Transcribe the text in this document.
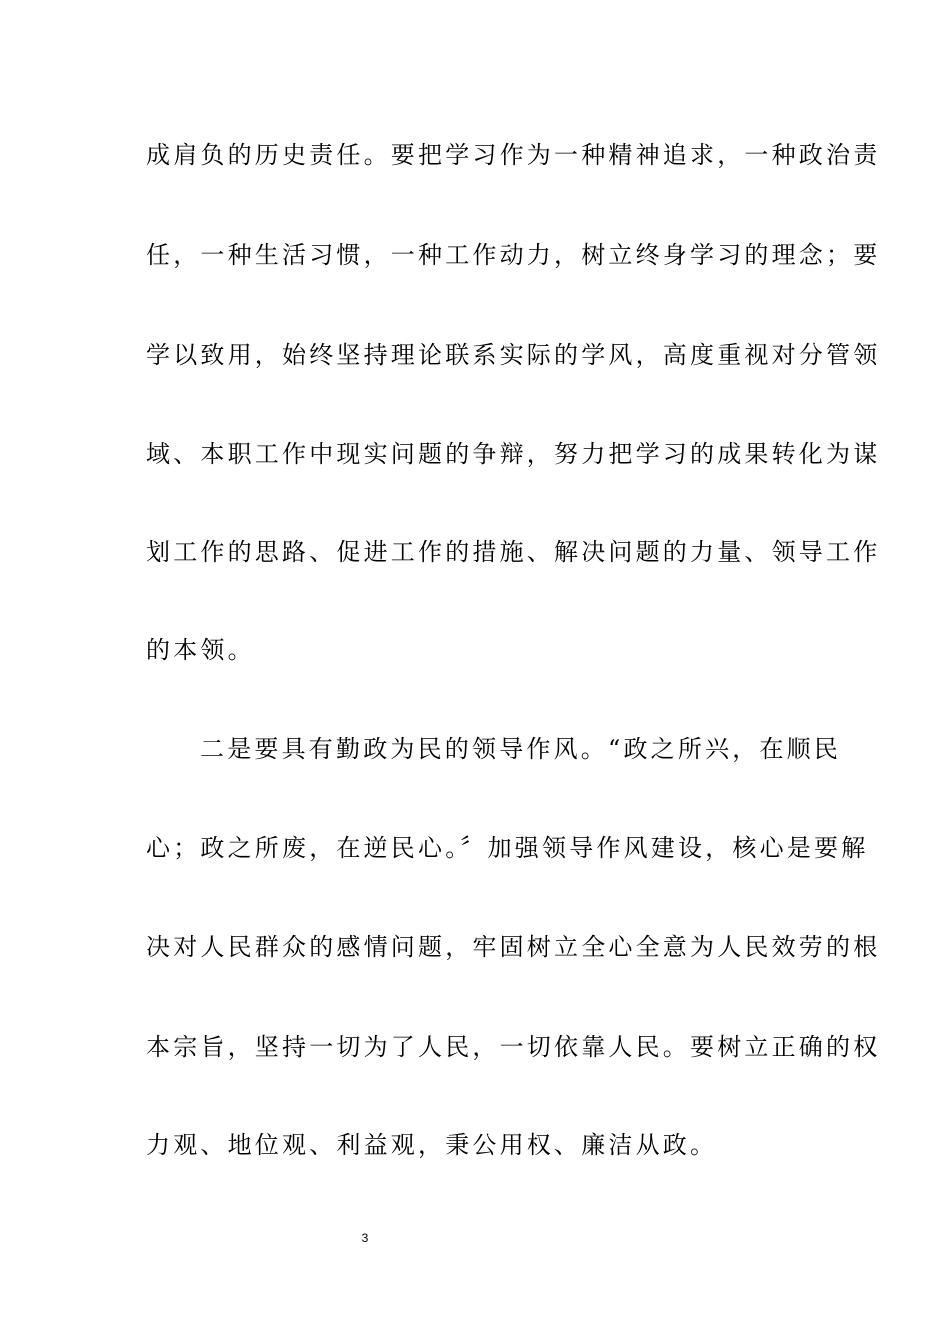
成肩负的历史责任。要把学习作为一种精神追求，一种政治责
任，一种生活习惯，一种工作动力，树立终身学习的理念；要
学以致用，始终坚持理论联系实际的学风，高度重视对分管领
域、本职工作中现实问题的争辩，努力把学习的成果转化为谋
划工作的思路、促进工作的措施、解决问题的力量、领导工作
的本领。
二是要具有勤政为民的领导作风。“政之所兴，在顺民
心；政之所废，在逆民心。〞加强领导作风建设，核心是要解
决对人民群众的感情问题，牢固树立全心全意为人民效劳的根
本宗旨，坚持一切为了人民，一切依靠人民。要树立正确的权
力观、地位观、利益观，秉公用权、廉洁从政。
3
